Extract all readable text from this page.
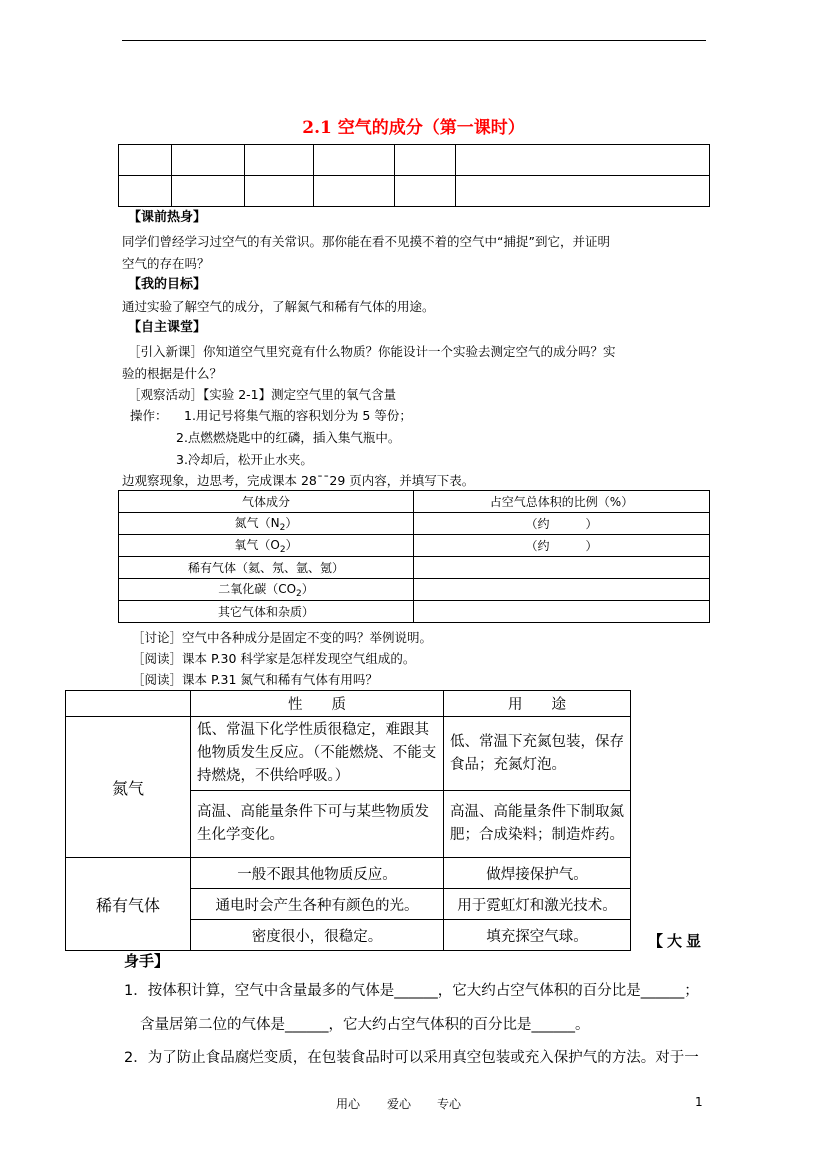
2.1 空气的成分（第一课时）

【课前热身】
同学们曾经学习过空气的有关常识。那你能在看不见摸不着的空气中“捕捉”到它，并证明
空气的存在吗？
【我的目标】
通过实验了解空气的成分，了解氮气和稀有气体的用途。
【自主课堂】
［引入新课］你知道空气里究竟有什么物质？你能设计一个实验去测定空气的成分吗？实
验的根据是什么？
［观察活动］【实验 2-1】测定空气里的氧气含量
操作： 1.用记号将集气瓶的容积划分为 5 等份；
2.点燃燃烧匙中的红磷，插入集气瓶中。
3.冷却后，松开止水夹。
边观察现象，边思考，完成课本 28¯¯29 页内容，并填写下表。
气体成分	占空气总体积的比例（%）
氮气$(N_2)$	（约　　　）
氧气$(O_2)$	（约　　　）
稀有气体（氦、氖、氩、氪）	
二氧化碳$(CO_2)$	
其它气体和杂质）	
［讨论］空气中各种成分是固定不变的吗？举例说明。
［阅读］课本 P.30 科学家是怎样发现空气组成的。
［阅读］课本 P.31 氮气和稀有气体有用吗？
	性　　质	用　　途
氮气	低、常温下化学性质很稳定，难跟其他物质发生反应。（不能燃烧、不能支持燃烧，不供给呼吸。）	低、常温下充氮包装，保存食品；充氮灯泡。
	高温、高能量条件下可与某些物质发生化学变化。	高温、高能量条件下制取氮肥；合成染料；制造炸药。
稀有气体	一般不跟其他物质反应。	做焊接保护气。
	通电时会产生各种有颜色的光。	用于霓虹灯和激光技术。
	密度很小，很稳定。	填充探空气球。	【大显
身手】
1．按体积计算，空气中含量最多的气体是______，它大约占空气体积的百分比是______；
含量居第二位的气体是______，它大约占空气体积的百分比是______。
2．为了防止食品腐烂变质，在包装食品时可以采用真空包装或充入保护气的方法。对于一
用心 爱心 专心	1
